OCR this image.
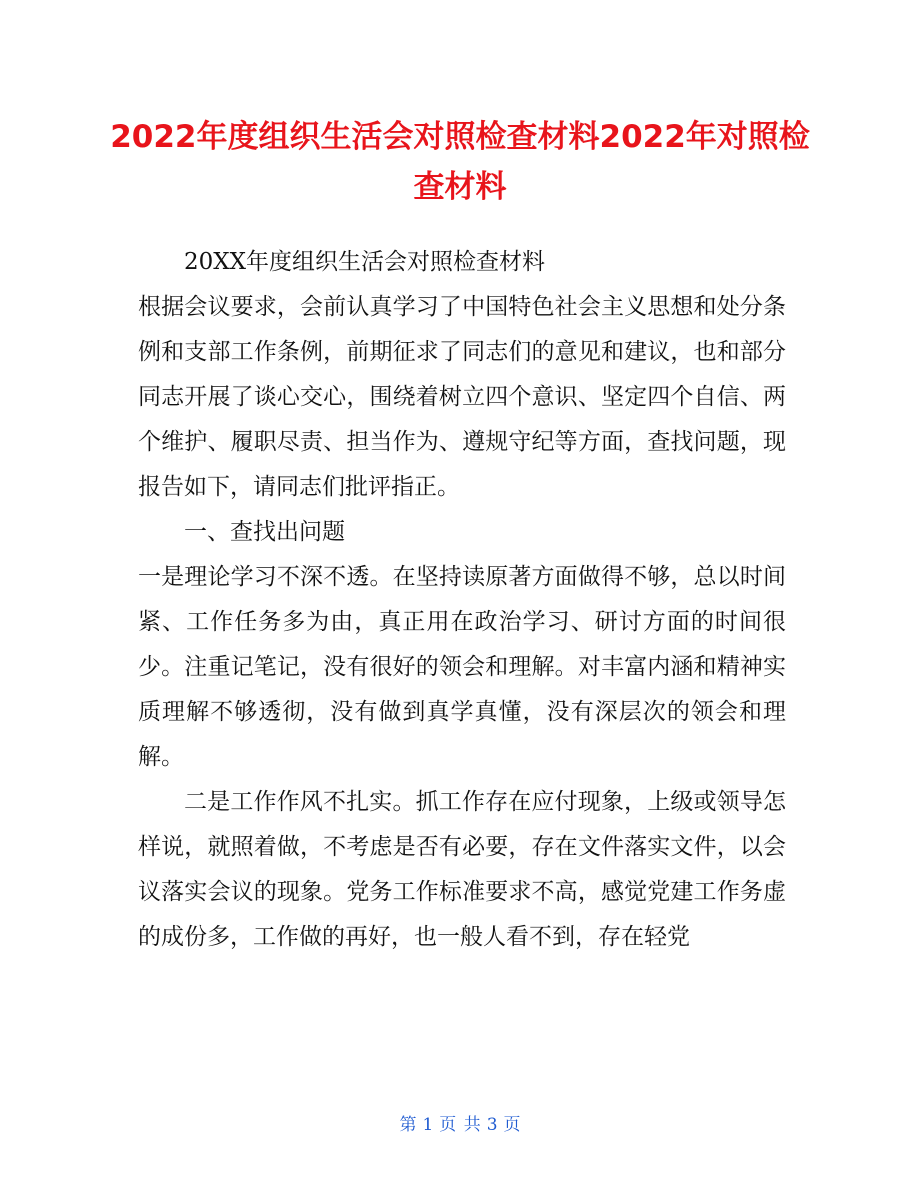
2022年度组织生活会对照检查材料2022年对照检查材料

20XX年度组织生活会对照检查材料

根据会议要求，会前认真学习了中国特色社会主义思想和处分条例和支部工作条例，前期征求了同志们的意见和建议，也和部分同志开展了谈心交心，围绕着树立四个意识、坚定四个自信、两个维护、履职尽责、担当作为、遵规守纪等方面，查找问题，现报告如下，请同志们批评指正。

一、查找出问题

一是理论学习不深不透。在坚持读原著方面做得不够，总以时间紧、工作任务多为由，真正用在政治学习、研讨方面的时间很少。注重记笔记，没有很好的领会和理解。对丰富内涵和精神实质理解不够透彻，没有做到真学真懂，没有深层次的领会和理解。

二是工作作风不扎实。抓工作存在应付现象，上级或领导怎样说，就照着做，不考虑是否有必要，存在文件落实文件，以会议落实会议的现象。党务工作标准要求不高，感觉党建工作务虚的成份多，工作做的再好，也一般人看不到，存在轻党

第 1 页 共 3 页
